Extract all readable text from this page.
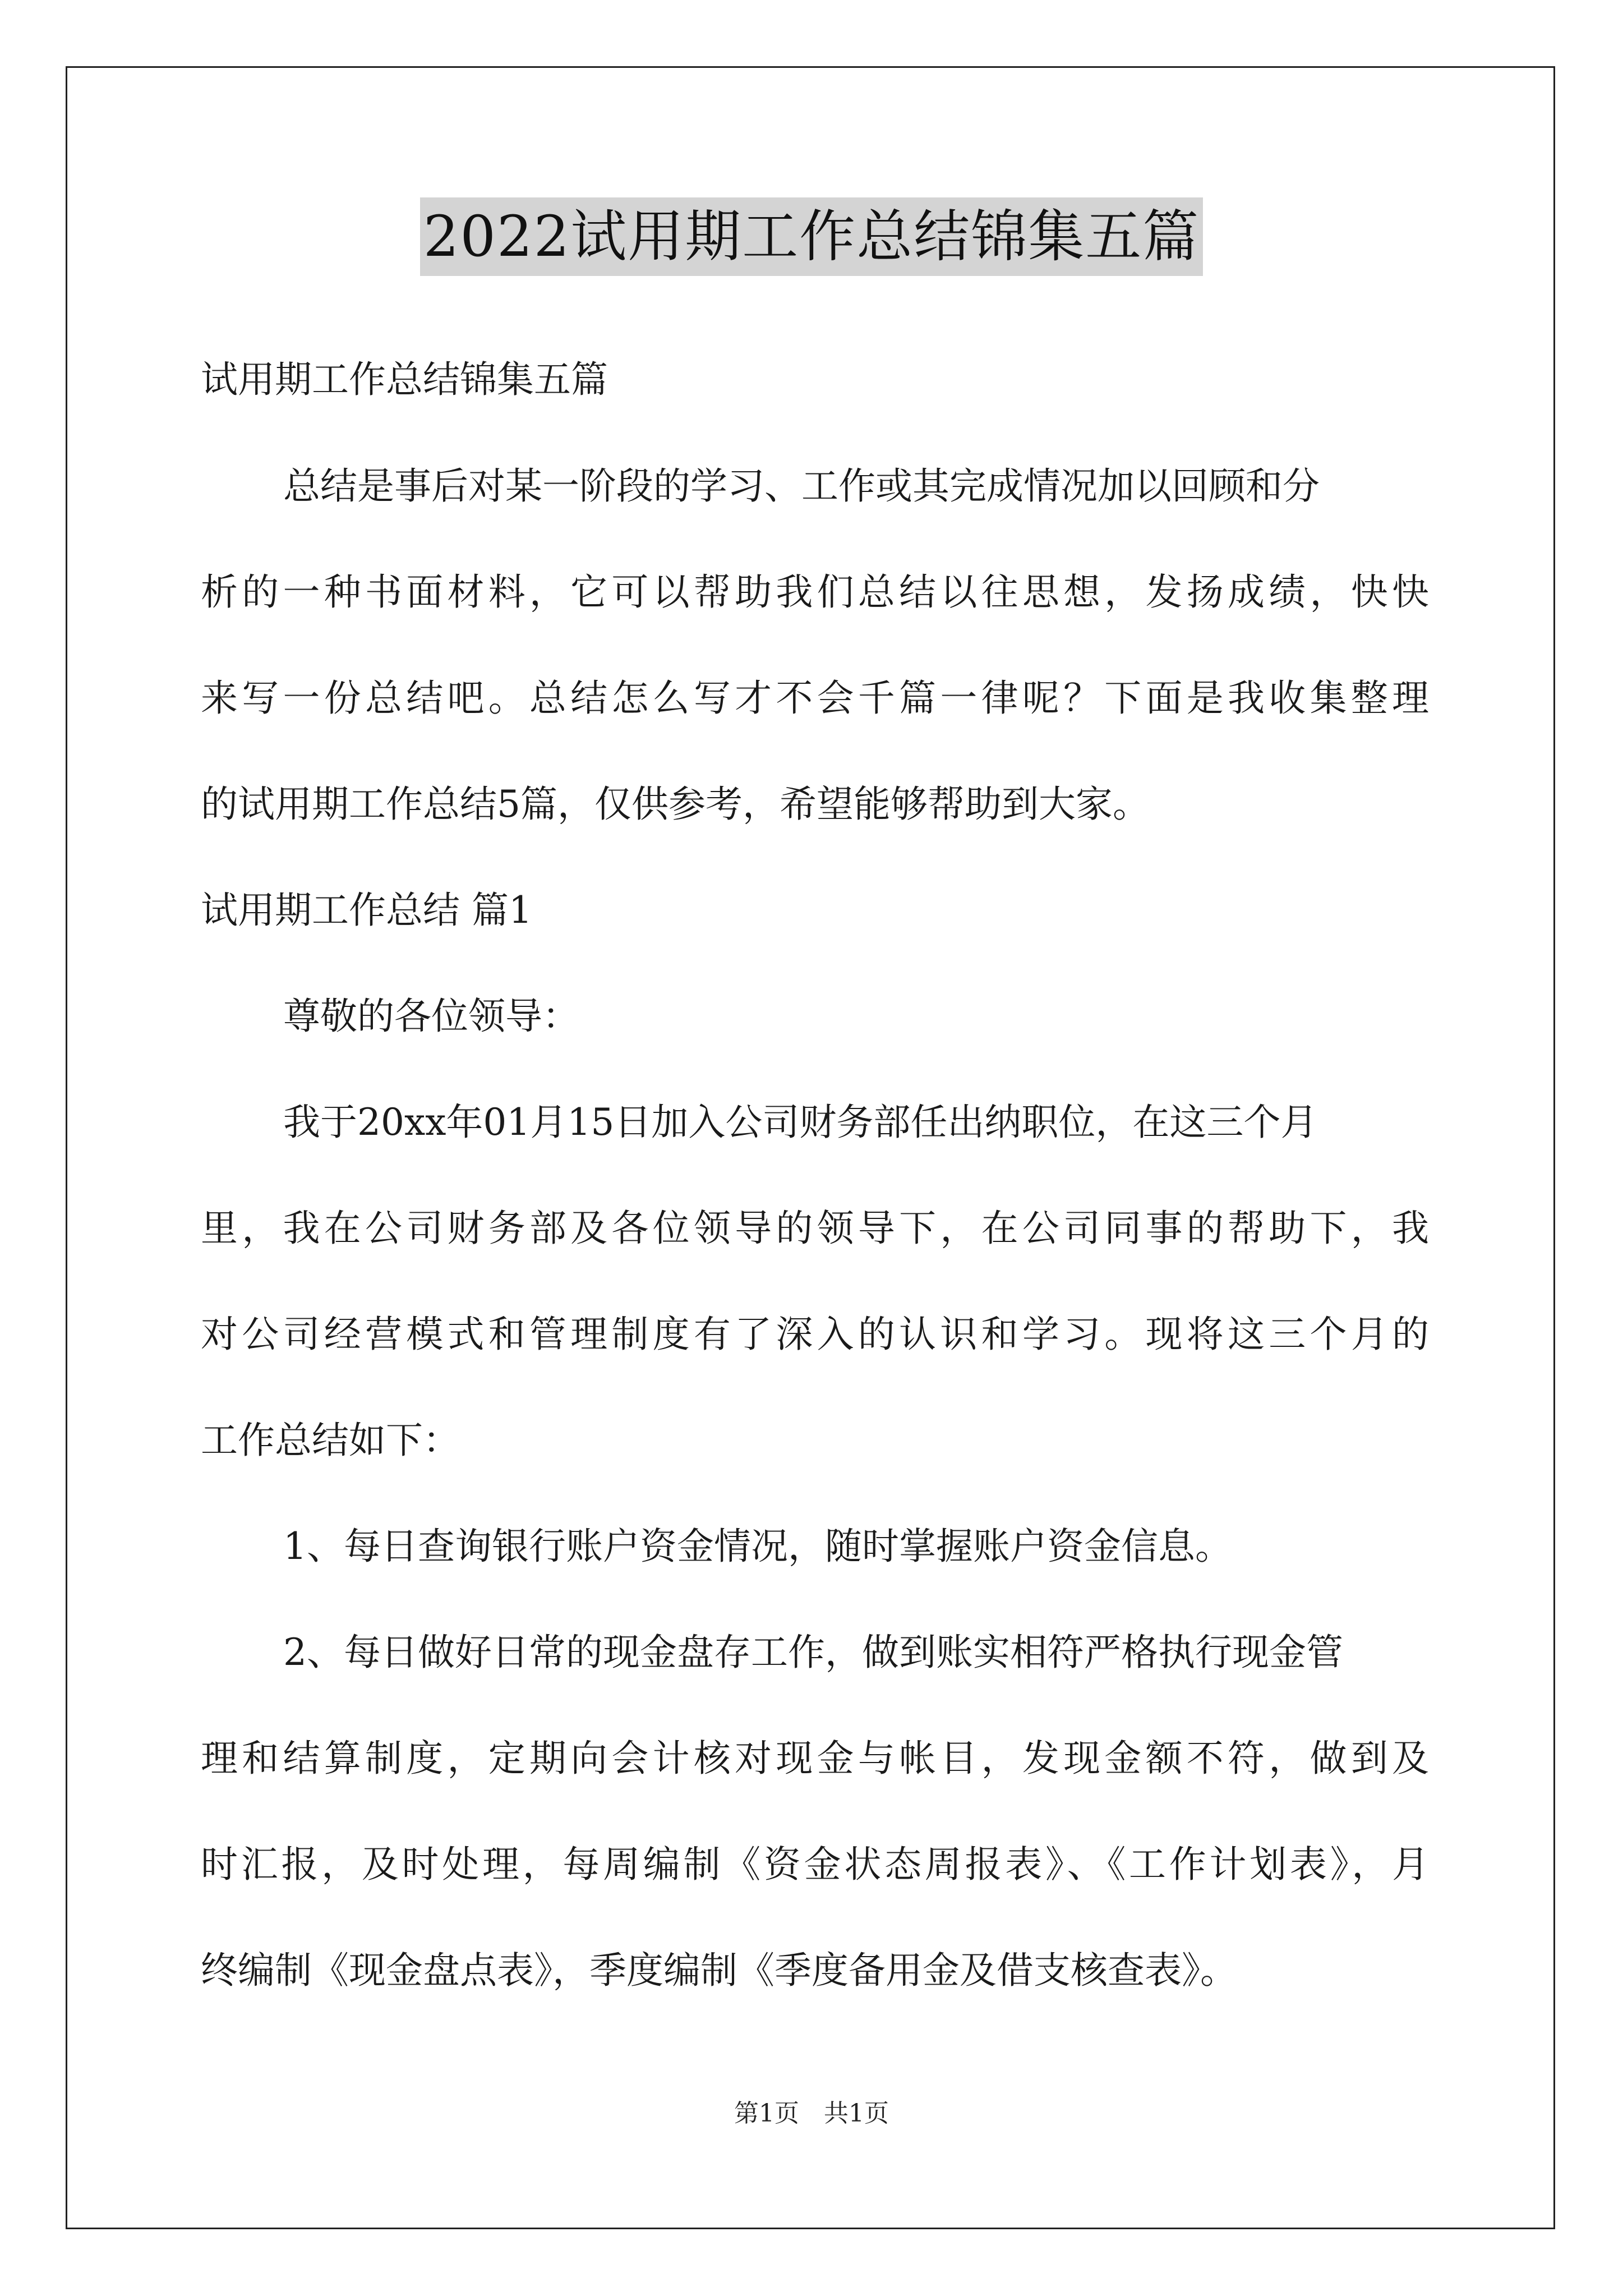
2022试用期工作总结锦集五篇
试用期工作总结锦集五篇
总结是事后对某一阶段的学习、工作或其完成情况加以回顾和分
析的一种书面材料，它可以帮助我们总结以往思想，发扬成绩，快快
来写一份总结吧。总结怎么写才不会千篇一律呢？下面是我收集整理
的试用期工作总结5篇，仅供参考，希望能够帮助到大家。
试用期工作总结 篇1
尊敬的各位领导：
我于20xx年01月15日加入公司财务部任出纳职位，在这三个月
里，我在公司财务部及各位领导的领导下，在公司同事的帮助下，我
对公司经营模式和管理制度有了深入的认识和学习。现将这三个月的
工作总结如下：
1、每日查询银行账户资金情况，随时掌握账户资金信息。
2、每日做好日常的现金盘存工作，做到账实相符严格执行现金管
理和结算制度，定期向会计核对现金与帐目，发现金额不符，做到及
时汇报，及时处理，每周编制《资金状态周报表》、《工作计划表》，月
终编制《现金盘点表》，季度编制《季度备用金及借支核查表》。
第1页　共1页
